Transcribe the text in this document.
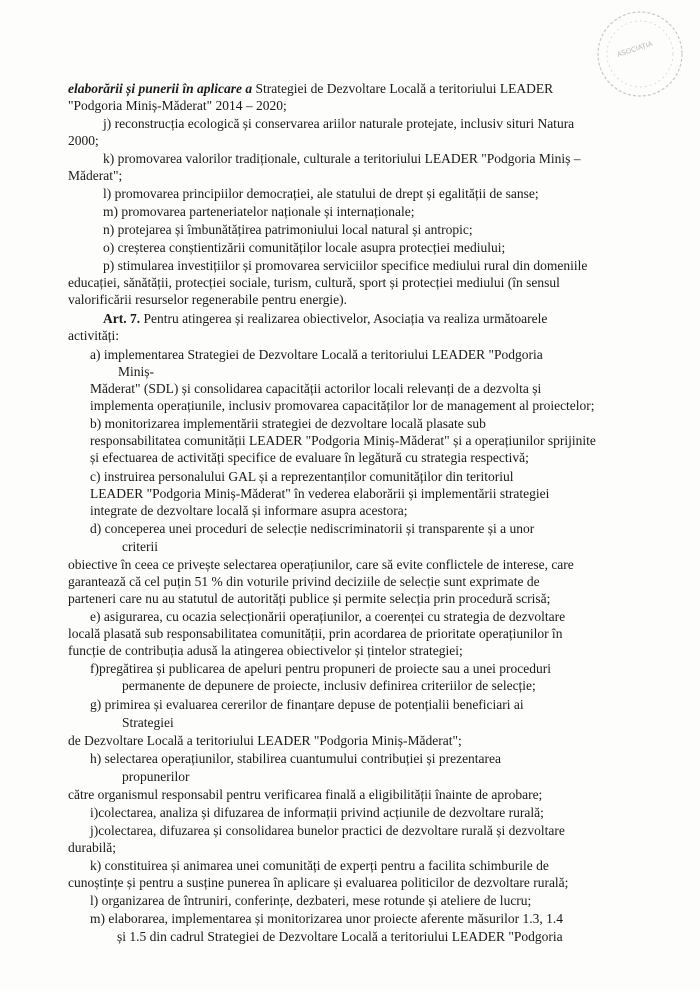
ASOCIAȚIA
elaborării și punerii în aplicare a Strategiei de Dezvoltare Locală a teritoriului LEADER
"Podgoria Miniș-Măderat" 2014 – 2020;
j) reconstrucția ecologică și conservarea ariilor naturale protejate, inclusiv situri Natura
2000;
k) promovarea valorilor tradiționale, culturale a teritoriului LEADER "Podgoria Miniș –
Măderat";
l) promovarea principiilor democrației, ale statului de drept și egalității de sanse;
m) promovarea parteneriatelor naționale și internaționale;
n) protejarea și îmbunătățirea patrimoniului local natural și antropic;
o) creșterea conștientizării comunităților locale asupra protecției mediului;
p) stimularea investițiilor și promovarea serviciilor specifice mediului rural din domeniile
educației, sănătății, protecției sociale, turism, cultură, sport și protecției mediului (în sensul
valorificării resurselor regenerabile pentru energie).
Art. 7. Pentru atingerea și realizarea obiectivelor, Asociația va realiza următoarele
activități:
a) implementarea Strategiei de Dezvoltare Locală a teritoriului LEADER "Podgoria
Miniș-
Măderat" (SDL) și consolidarea capacității actorilor locali relevanți de a dezvolta și
implementa operațiunile, inclusiv promovarea capacităților lor de management al proiectelor;
b) monitorizarea implementării strategiei de dezvoltare locală plasate sub
responsabilitatea comunității LEADER "Podgoria Miniș-Măderat" și a operațiunilor sprijinite
și efectuarea de activități specifice de evaluare în legătură cu strategia respectivă;
c) instruirea personalului GAL și a reprezentanților comunităților din teritoriul
LEADER "Podgoria Miniș-Măderat" în vederea elaborării și implementării strategiei
integrate de dezvoltare locală și informare asupra acestora;
d) conceperea unei proceduri de selecție nediscriminatorii și transparente și a unor
criterii
obiective în ceea ce privește selectarea operațiunilor, care să evite conflictele de interese, care
garantează că cel puțin 51 % din voturile privind deciziile de selecție sunt exprimate de
parteneri care nu au statutul de autorități publice și permite selecția prin procedură scrisă;
e) asigurarea, cu ocazia selecționării operațiunilor, a coerenței cu strategia de dezvoltare
locală plasată sub responsabilitatea comunității, prin acordarea de prioritate operațiunilor în
funcție de contribuția adusă la atingerea obiectivelor și țintelor strategiei;
f)pregătirea și publicarea de apeluri pentru propuneri de proiecte sau a unei proceduri
permanente de depunere de proiecte, inclusiv definirea criteriilor de selecție;
g) primirea și evaluarea cererilor de finanțare depuse de potențialii beneficiari ai
Strategiei
de Dezvoltare Locală a teritoriului LEADER "Podgoria Miniș-Măderat";
h) selectarea operațiunilor, stabilirea cuantumului contribuției și prezentarea
propunerilor
către organismul responsabil pentru verificarea finală a eligibilității înainte de aprobare;
i)colectarea, analiza și difuzarea de informații privind acțiunile de dezvoltare rurală;
j)colectarea, difuzarea și consolidarea bunelor practici de dezvoltare rurală și dezvoltare
durabilă;
k) constituirea și animarea unei comunități de experți pentru a facilita schimburile de
cunoștințe și pentru a susține punerea în aplicare și evaluarea politicilor de dezvoltare rurală;
l) organizarea de întruniri, conferințe, dezbateri, mese rotunde și ateliere de lucru;
m) elaborarea, implementarea și monitorizarea unor proiecte aferente măsurilor 1.3, 1.4
și 1.5 din cadrul Strategiei de Dezvoltare Locală a teritoriului LEADER "Podgoria
